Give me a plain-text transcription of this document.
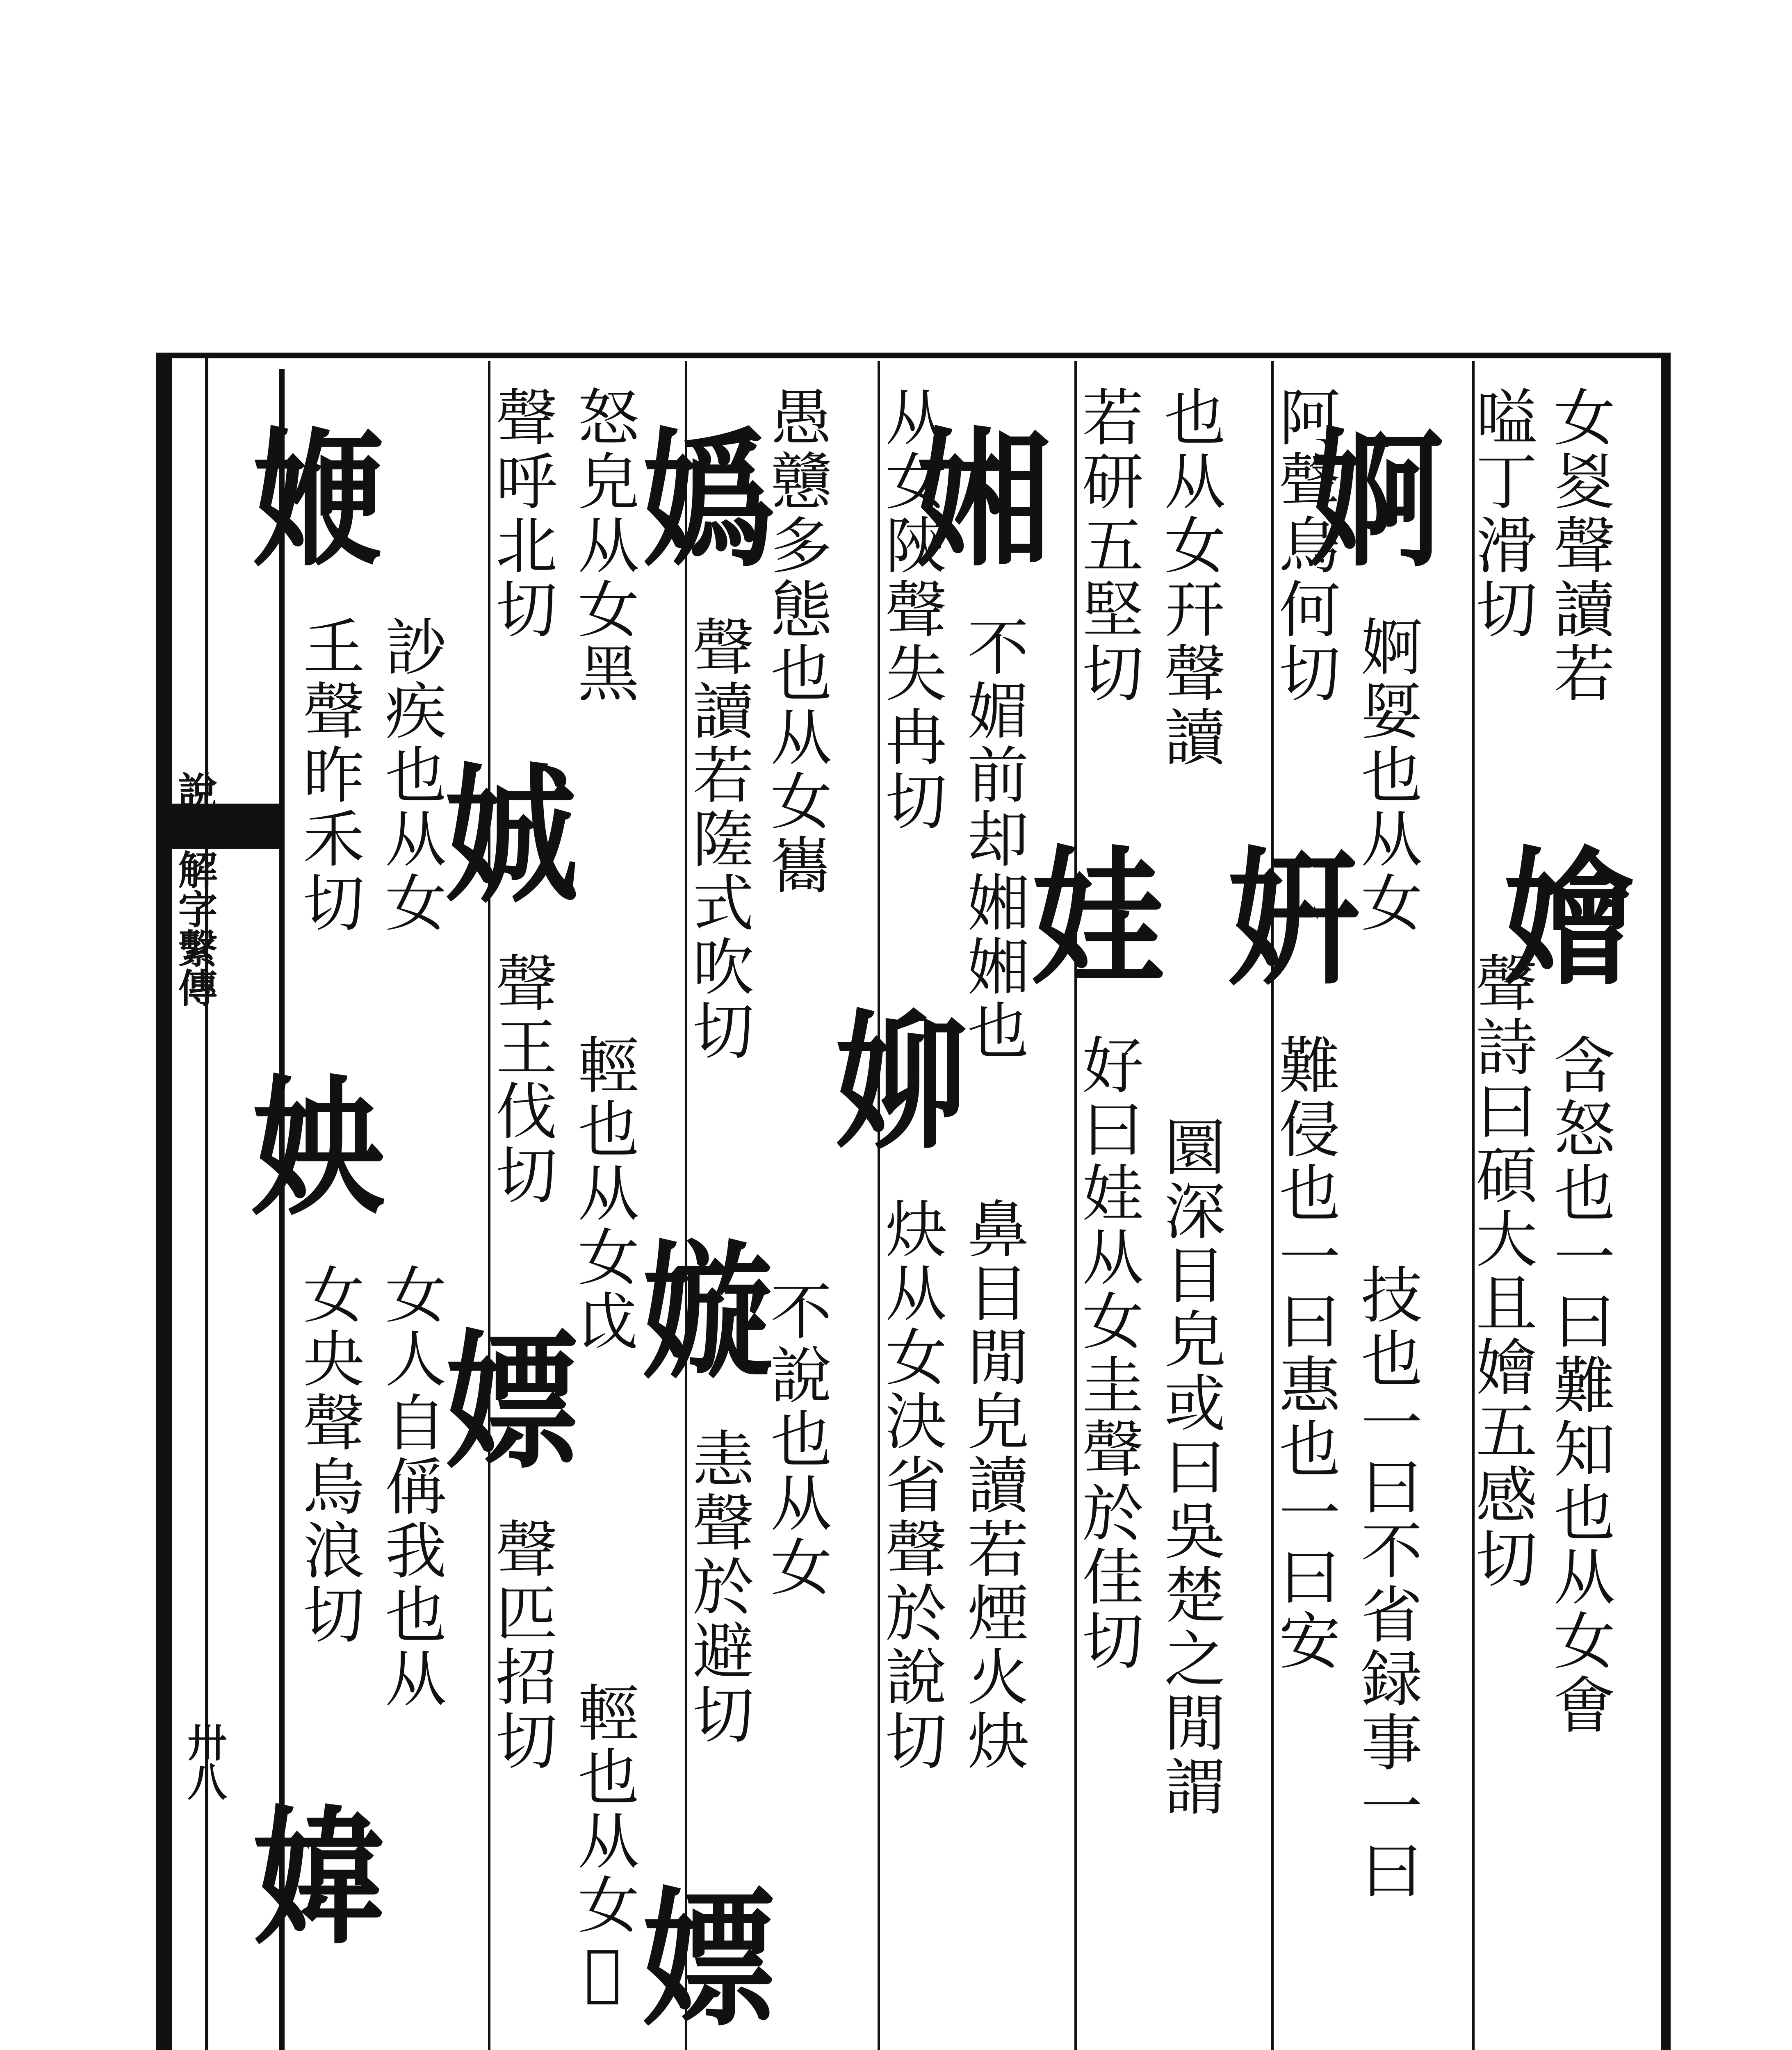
說文解字繫傳
卅八
女㚇聲讀若
嬒
含怒也一曰難知也从女㑹
嗌丁滑切
聲詩曰碩大且嬒五感切
婀
婀娿也从女
技也一曰不省録事一曰
阿聲烏何切
姸
難侵也一曰惠也一曰安
也从女幵聲讀
圜深目皃或曰吳楚之閒謂
若研五堅切
娃
好曰娃从女圭聲於佳切
㜀
不媚前却㜀㜀也
鼻目閒皃讀若煙火炔
从女陝聲失冉切
㚹
炔从女決省聲於說切
愚戇多態也从女巂
不說也从女
嬀
聲讀若隓式吹切
嫙
恚聲於避切
嫖
怒皃从女黑
輕也从女戉
輕也从女𦥷
聲呼北切
娍
聲王伐切
嫖
聲匹招切
訬疾也从女
女人自偁我也从
㛹
𡈼聲昨禾切
姎
女央聲烏浪切
媁
